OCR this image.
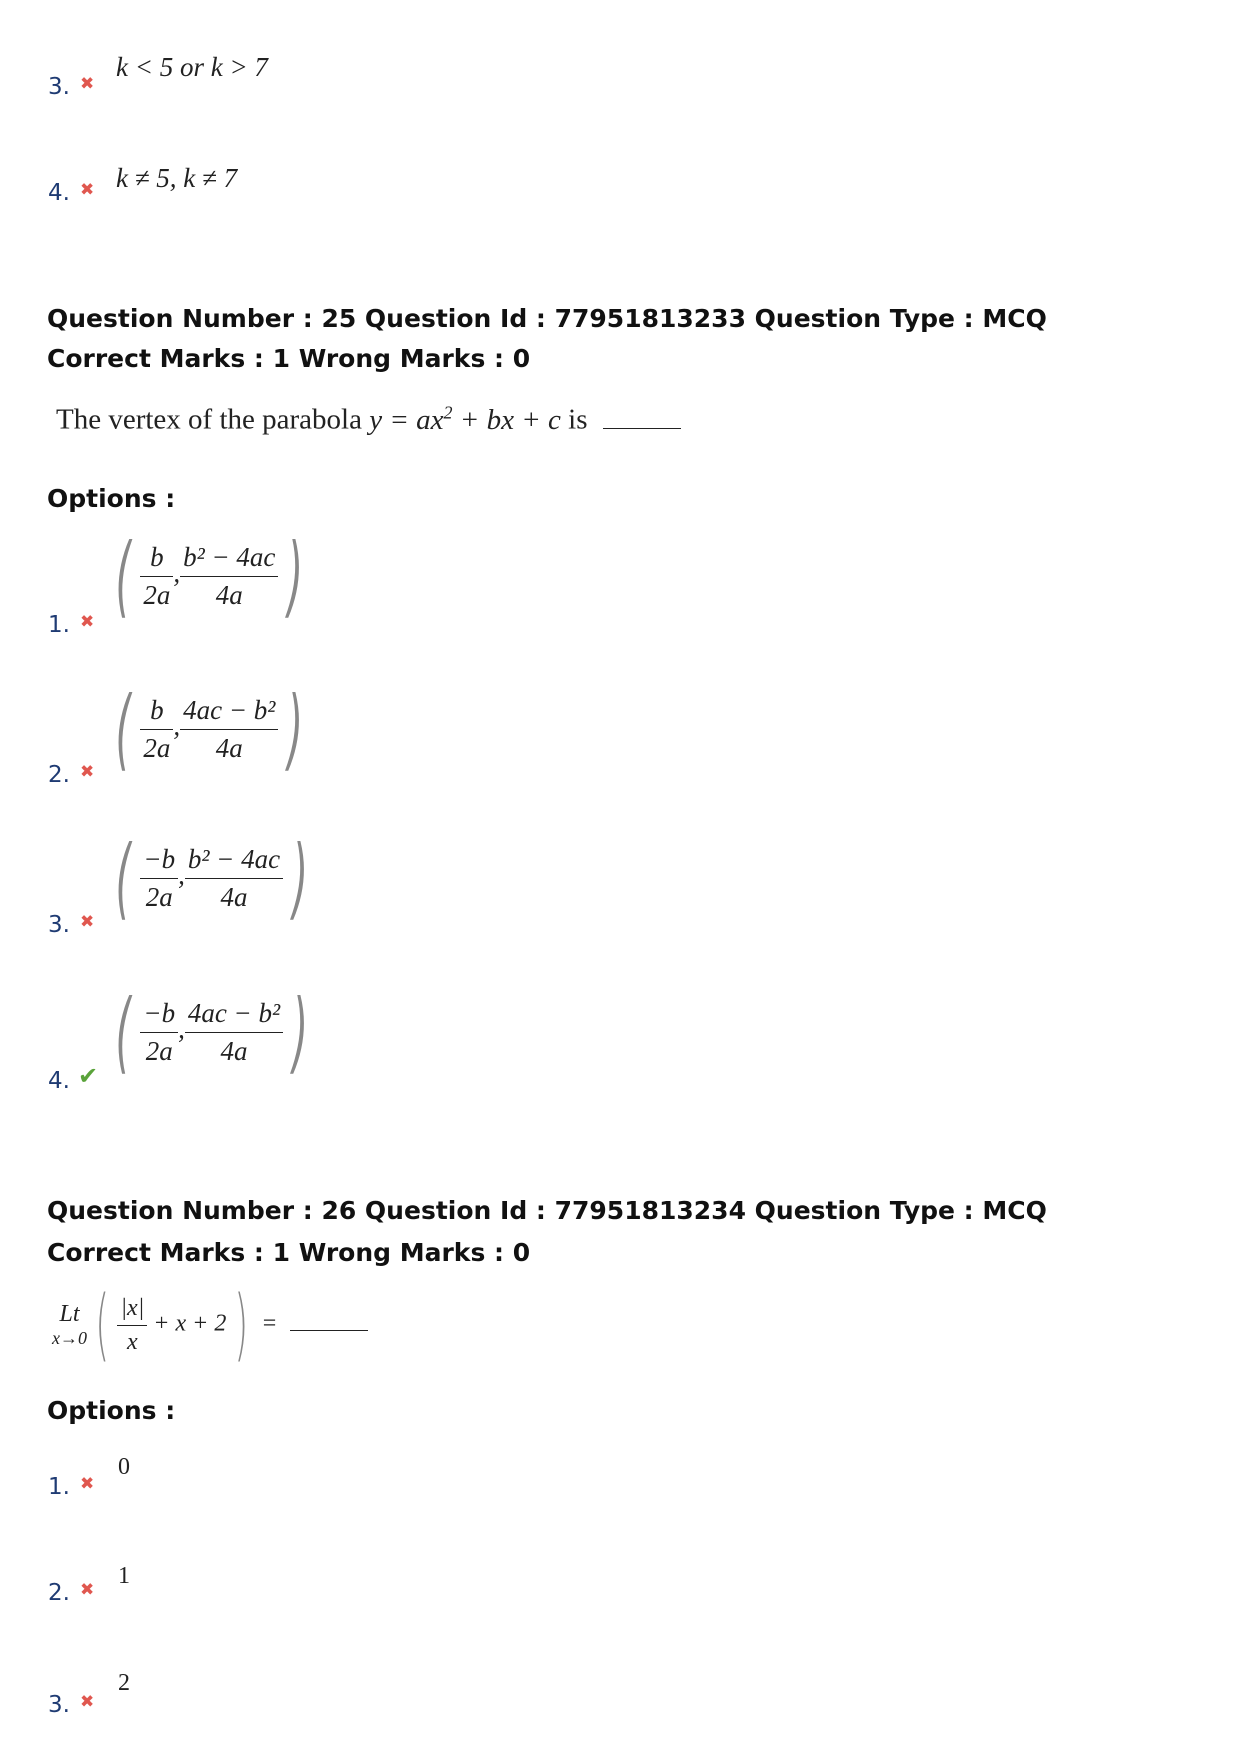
3. ✖
k < 5 or k > 7
4. ✖ k ≠ 5, k ≠ 7
Question Number : 25 Question Id : 77951813233 Question Type : MCQ
Correct Marks : 1 Wrong Marks : 0
The vertex of the parabola $y = ax^2$ + bx + c is
Options :
1. ✖ ( $\frac{b}{2a}$ , $\frac{\text{b² − 4ac}}{4a}$ )
2. ✖ ( $\frac{b}{2a}$ , $\frac{\text{4ac − b²}}{4a}$ )
3. ✖ ( $\frac{-b}{2a}$ , $\frac{\text{b² − 4ac}}{4a}$ )
4. ✔ ( $\frac{-b}{2a}$ , $\frac{\text{4ac − b²}}{4a}$ )
Question Number : 26 Question Id : 77951813234 Question Type : MCQ
Correct Marks : 1 Wrong Marks : 0
Lt
x→0 ( $\frac{|x|}{x} + x + 2$ ) =
Options :
1. ✖
0
2. ✖
1
3. ✖
2
